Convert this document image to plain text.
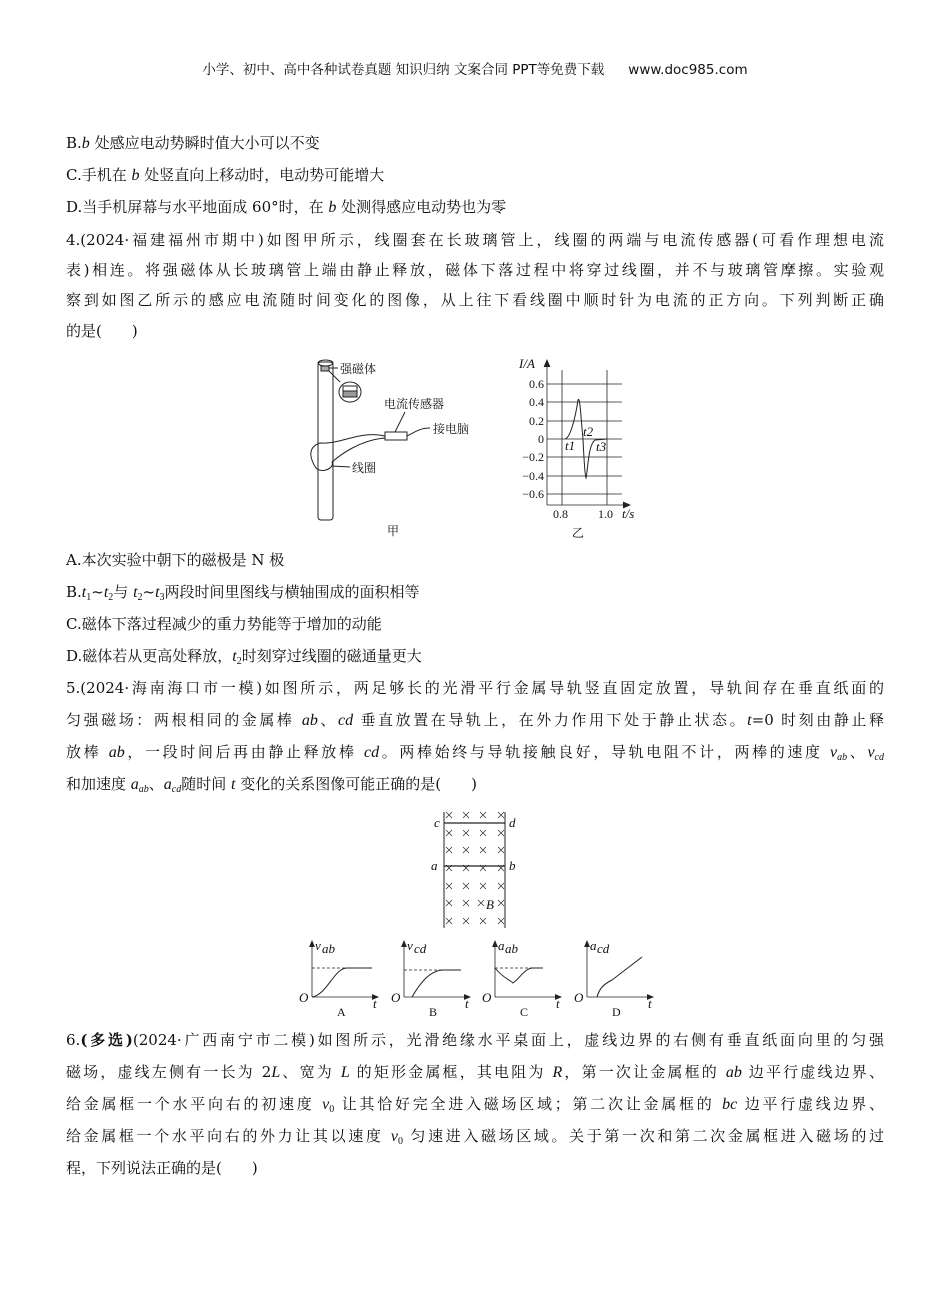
小学、初中、高中各种试卷真题 知识归纳 文案合同 PPT等免费下载 www.doc985.com
B.b 处感应电动势瞬时值大小可以不变
C.手机在 b 处竖直向上移动时，电动势可能增大
D.当手机屏幕与水平地面成 60°时，在 b 处测得感应电动势也为零
4.(2024·福建福州市期中)如图甲所示，线圈套在长玻璃管上，线圈的两端与电流传感器(可看作理想电流
表)相连。将强磁体从长玻璃管上端由静止释放，磁体下落过程中将穿过线圈，并不与玻璃管摩擦。实验观
察到如图乙所示的感应电流随时间变化的图像，从上往下看线圈中顺时针为电流的正方向。下列判断正确
的是(　　)
A.本次实验中朝下的磁极是 N 极
$B.t_1\sim t_2$与 $t_2\sim t_3$两段时间里图线与横轴围成的面积相等
C.磁体下落过程减少的重力势能等于增加的动能
D.磁体若从更高处释放，$t_2$时刻穿过线圈的磁通量更大
5.(2024·海南海口市一模)如图所示，两足够长的光滑平行金属导轨竖直固定放置，导轨间存在垂直纸面的
匀强磁场：两根相同的金属棒 ab、cd 垂直放置在导轨上，在外力作用下处于静止状态。t=0 时刻由静止释
放棒 ab，一段时间后再由静止释放棒 cd。两棒始终与导轨接触良好，导轨电阻不计，两棒的速度 $v_{ab}$、$v_{cd}$
和加速度 $a_{ab}$、$a_{cd}$随时间 t 变化的关系图像可能正确的是(　　)
6.(多选)(2024·广西南宁市二模)如图所示，光滑绝缘水平桌面上，虚线边界的右侧有垂直纸面向里的匀强
磁场，虚线左侧有一长为 2L、宽为 L 的矩形金属框，其电阻为 R，第一次让金属框的 ab 边平行虚线边界、
给金属框一个水平向右的初速度 $v_0$ 让其恰好完全进入磁场区域；第二次让金属框的 bc 边平行虚线边界、
给金属框一个水平向右的外力让其以速度 $v_0$ 匀速进入磁场区域。关于第一次和第二次金属框进入磁场的过
程，下列说法正确的是(　　)
强磁体
电流传感器
接电脑
线圈
甲
I/A
0.6
0.4
0.2
0
−0.2
−0.4
−0.6
0.8	1.0 t/s
t1
t2
t3
乙
c	d
a	b
B
O	t
v ab
A
O	t
v cd
B
O	t
a ab
C
O	t
a cd
D
